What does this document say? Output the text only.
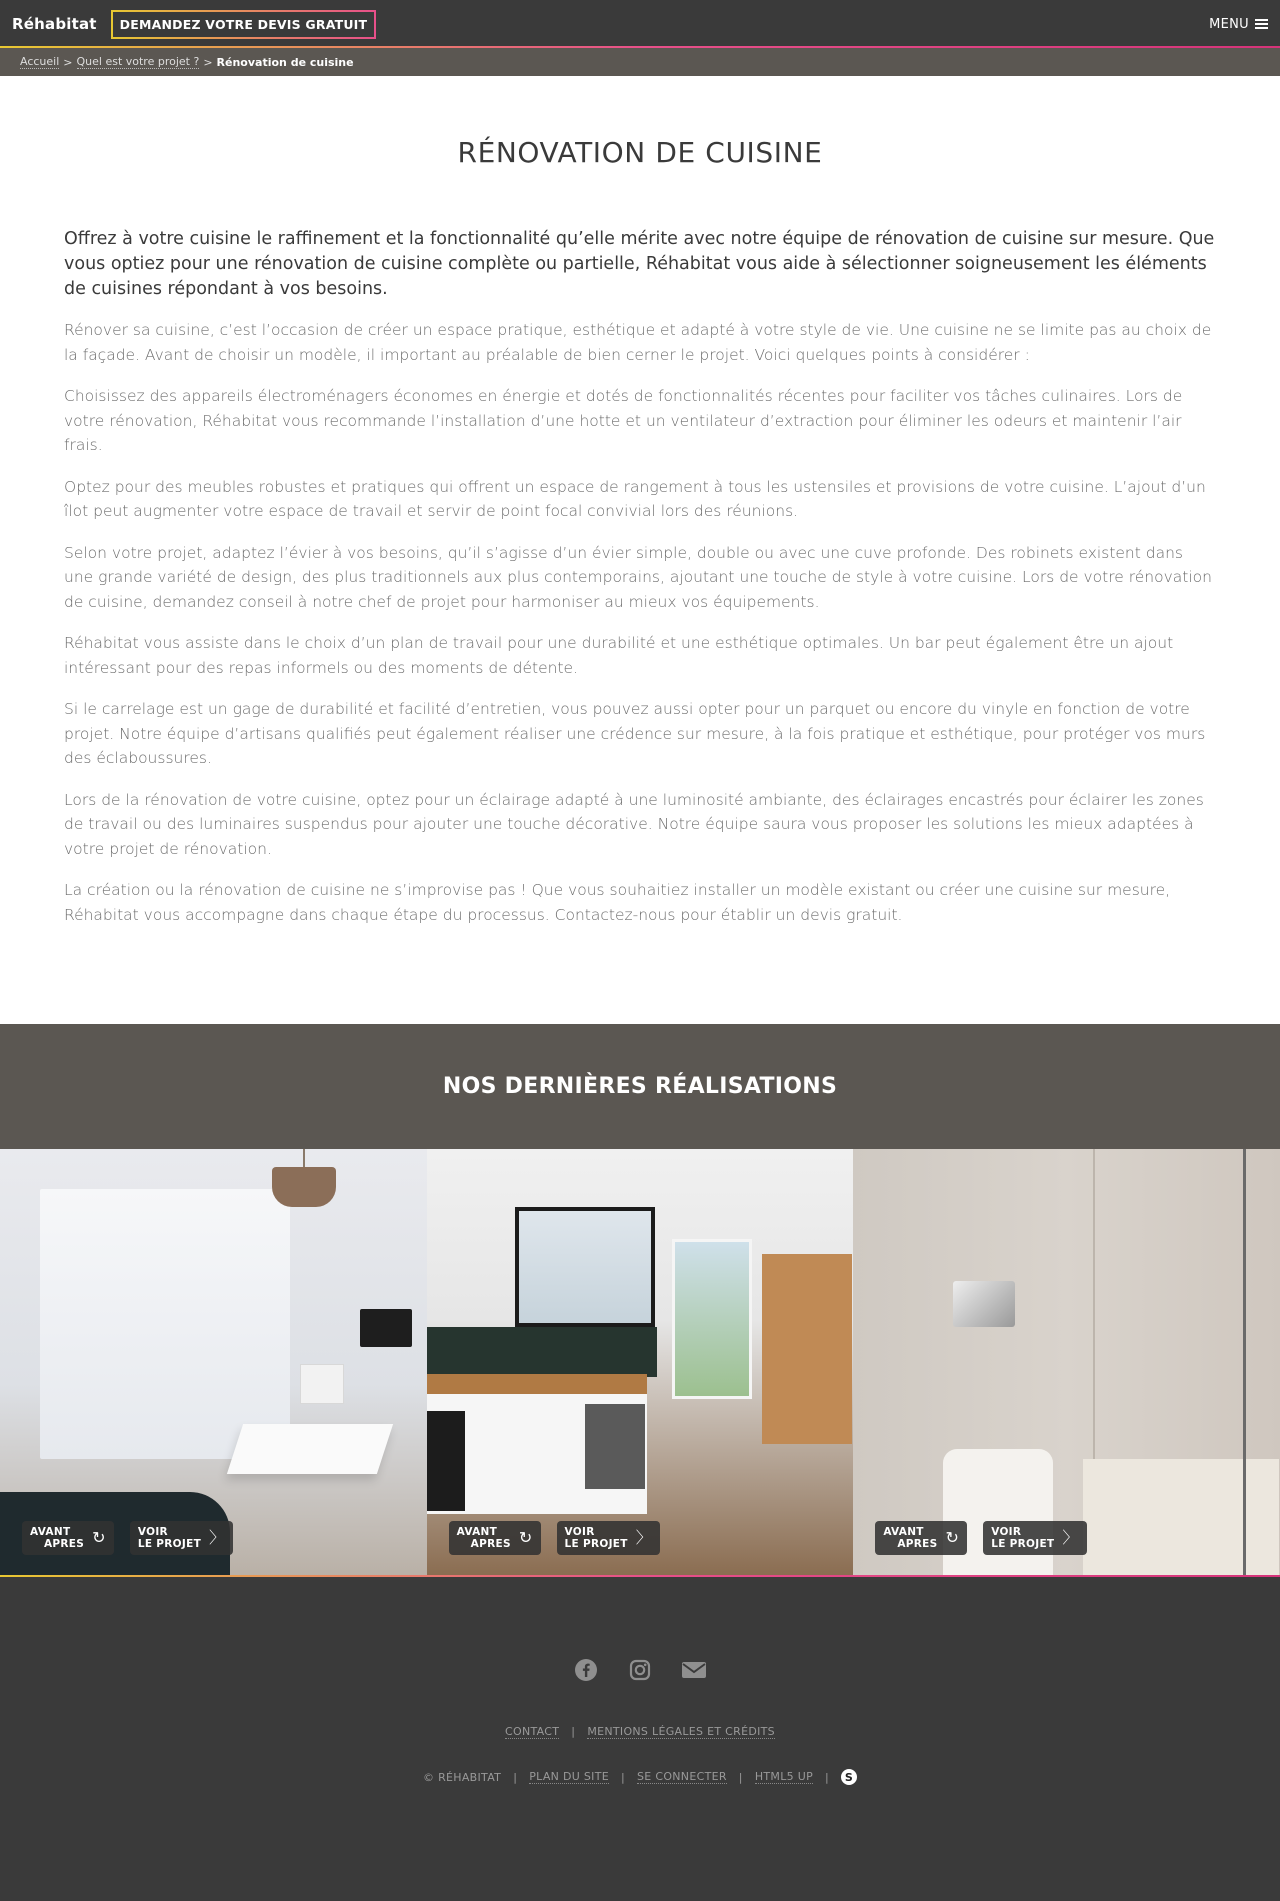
Réhabitat	DEMANDEZ VOTRE DEVIS GRATUIT	MENU
Accueil > Quel est votre projet ? > Rénovation de cuisine
RÉNOVATION DE CUISINE

Offrez à votre cuisine le raffinement et la fonctionnalité qu’elle mérite avec notre équipe de rénovation de cuisine sur mesure. Que vous optiez pour une rénovation de cuisine complète ou partielle, Réhabitat vous aide à sélectionner soigneusement les éléments de cuisines répondant à vos besoins.

Rénover sa cuisine, c’est l’occasion de créer un espace pratique, esthétique et adapté à votre style de vie. Une cuisine ne se limite pas au choix de la façade. Avant de choisir un modèle, il important au préalable de bien cerner le projet. Voici quelques points à considérer :

Choisissez des appareils électroménagers économes en énergie et dotés de fonctionnalités récentes pour faciliter vos tâches culinaires. Lors de votre rénovation, Réhabitat vous recommande l’installation d’une hotte et un ventilateur d’extraction pour éliminer les odeurs et maintenir l’air frais.

Optez pour des meubles robustes et pratiques qui offrent un espace de rangement à tous les ustensiles et provisions de votre cuisine. L’ajout d’un îlot peut augmenter votre espace de travail et servir de point focal convivial lors des réunions.

Selon votre projet, adaptez l’évier à vos besoins, qu’il s’agisse d’un évier simple, double ou avec une cuve profonde. Des robinets existent dans une grande variété de design, des plus traditionnels aux plus contemporains, ajoutant une touche de style à votre cuisine. Lors de votre rénovation de cuisine, demandez conseil à notre chef de projet pour harmoniser au mieux vos équipements.

Réhabitat vous assiste dans le choix d’un plan de travail pour une durabilité et une esthétique optimales. Un bar peut également être un ajout intéressant pour des repas informels ou des moments de détente.

Si le carrelage est un gage de durabilité et facilité d’entretien, vous pouvez aussi opter pour un parquet ou encore du vinyle en fonction de votre projet. Notre équipe d’artisans qualifiés peut également réaliser une crédence sur mesure, à la fois pratique et esthétique, pour protéger vos murs des éclaboussures.

Lors de la rénovation de votre cuisine, optez pour un éclairage adapté à une luminosité ambiante, des éclairages encastrés pour éclairer les zones de travail ou des luminaires suspendus pour ajouter une touche décorative. Notre équipe saura vous proposer les solutions les mieux adaptées à votre projet de rénovation.

La création ou la rénovation de cuisine ne s’improvise pas ! Que vous souhaitiez installer un modèle existant ou créer une cuisine sur mesure, Réhabitat vous accompagne dans chaque étape du processus. Contactez-nous pour établir un devis gratuit.

NOS DERNIÈRES RÉALISATIONS
AVANT
APRES ↻	VOIR
LE PROJET 〉	AVANT
APRES ↻	VOIR
LE PROJET 〉	AVANT
APRES ↻	VOIR
LE PROJET 〉
CONTACT | MENTIONS LÉGALES ET CRÉDITS
© RÉHABITAT | PLAN DU SITE | SE CONNECTER | HTML5 UP |	S
